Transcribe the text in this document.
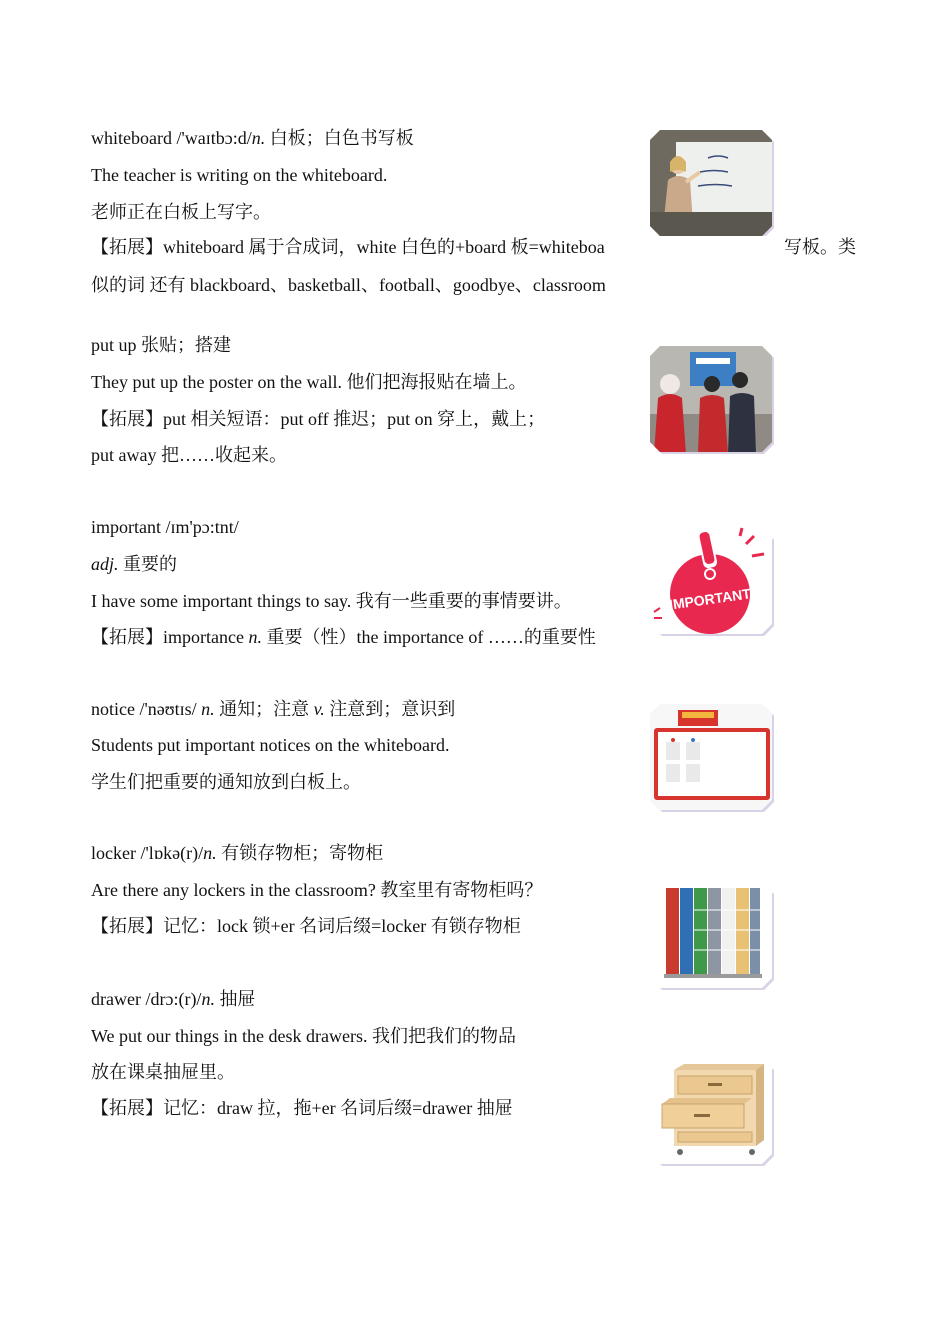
whiteboard /'waɪtbɔ:d/n. 白板；白色书写板
The teacher is writing on the whiteboard.
老师正在白板上写字。
【拓展】whiteboard 属于合成词，white 白色的+board 板=whiteboa	写板。类
似的词 还有 blackboard、basketball、football、goodbye、classroom
put up 张贴；搭建
They put up the poster on the wall. 他们把海报贴在墙上。
【拓展】put 相关短语：put off 推迟；put on 穿上，戴上；
put away 把……收起来。
important /ɪm'pɔ:tnt/
adj. 重要的
I have some important things to say. 我有一些重要的事情要讲。
【拓展】importance n. 重要（性）the importance of ……的重要性
IMPORTANT
notice /'nəʊtɪs/ n. 通知；注意 v. 注意到；意识到
Students put important notices on the whiteboard.
学生们把重要的通知放到白板上。
locker /'lɒkə(r)/n. 有锁存物柜；寄物柜
Are there any lockers in the classroom? 教室里有寄物柜吗？
【拓展】记忆：lock 锁+er 名词后缀=locker 有锁存物柜
drawer /drɔ:(r)/n. 抽屉
We put our things in the desk drawers. 我们把我们的物品
放在课桌抽屉里。
【拓展】记忆：draw 拉，拖+er 名词后缀=drawer 抽屉
